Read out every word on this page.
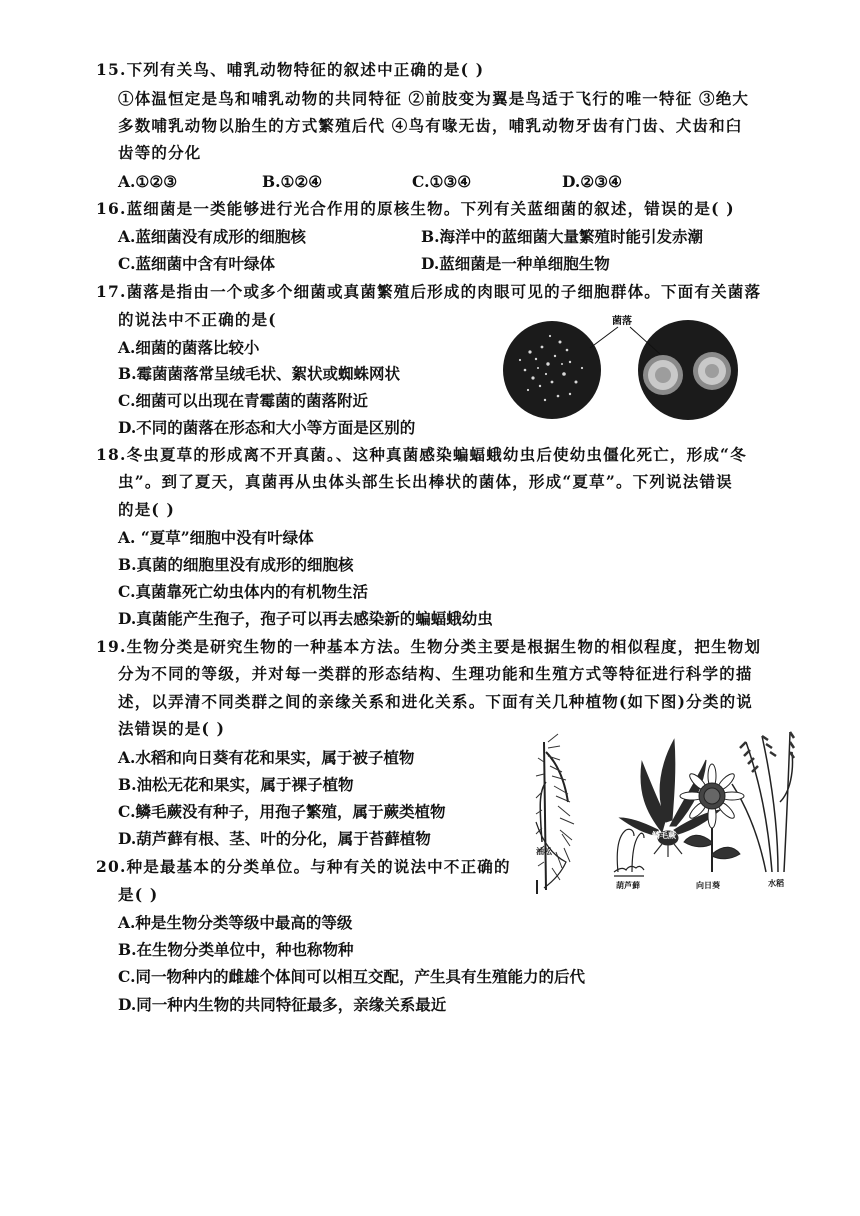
15.下列有关鸟、哺乳动物特征的叙述中正确的是( )
①体温恒定是鸟和哺乳动物的共同特征 ②前肢变为翼是鸟适于飞行的唯一特征 ③绝大
多数哺乳动物以胎生的方式繁殖后代 ④鸟有喙无齿，哺乳动物牙齿有门齿、犬齿和臼
齿等的分化
A.①②③	B.①②④	C.①③④	D.②③④
16.蓝细菌是一类能够进行光合作用的原核生物。下列有关蓝细菌的叙述，错误的是( )
A.蓝细菌没有成形的细胞核	B.海洋中的蓝细菌大量繁殖时能引发赤潮
C.蓝细菌中含有叶绿体	D.蓝细菌是一种单细胞生物
17.菌落是指由一个或多个细菌或真菌繁殖后形成的肉眼可见的子细胞群体。下面有关菌落
的说法中不正确的是(
A.细菌的菌落比较小
B.霉菌菌落常呈绒毛状、絮状或蜘蛛网状
C.细菌可以出现在青霉菌的菌落附近
D.不同的菌落在形态和大小等方面是区别的
菌落
18.冬虫夏草的形成离不开真菌。、这种真菌感染蝙蝠蛾幼虫后使幼虫僵化死亡，形成“冬
虫”。到了夏天，真菌再从虫体头部生长出棒状的菌体，形成“夏草”。下列说法错误
的是( )
A. “夏草”细胞中没有叶绿体
B.真菌的细胞里没有成形的细胞核
C.真菌靠死亡幼虫体内的有机物生活
D.真菌能产生孢子，孢子可以再去感染新的蝙蝠蛾幼虫
19.生物分类是研究生物的一种基本方法。生物分类主要是根据生物的相似程度，把生物划
分为不同的等级，并对每一类群的形态结构、生理功能和生殖方式等特征进行科学的描
述，以弄清不同类群之间的亲缘关系和进化关系。下面有关几种植物(如下图)分类的说
法错误的是( )
A.水稻和向日葵有花和果实，属于被子植物
B.油松无花和果实，属于裸子植物
C.鳞毛蕨没有种子，用孢子繁殖，属于蕨类植物
D.葫芦藓有根、茎、叶的分化，属于苔藓植物
油松
鳞毛蕨
水稻
葫芦藓	向日葵
20.种是最基本的分类单位。与种有关的说法中不正确的
是( )
A.种是生物分类等级中最高的等级
B.在生物分类单位中，种也称物种
C.同一物种内的雌雄个体间可以相互交配，产生具有生殖能力的后代
D.同一种内生物的共同特征最多，亲缘关系最近
